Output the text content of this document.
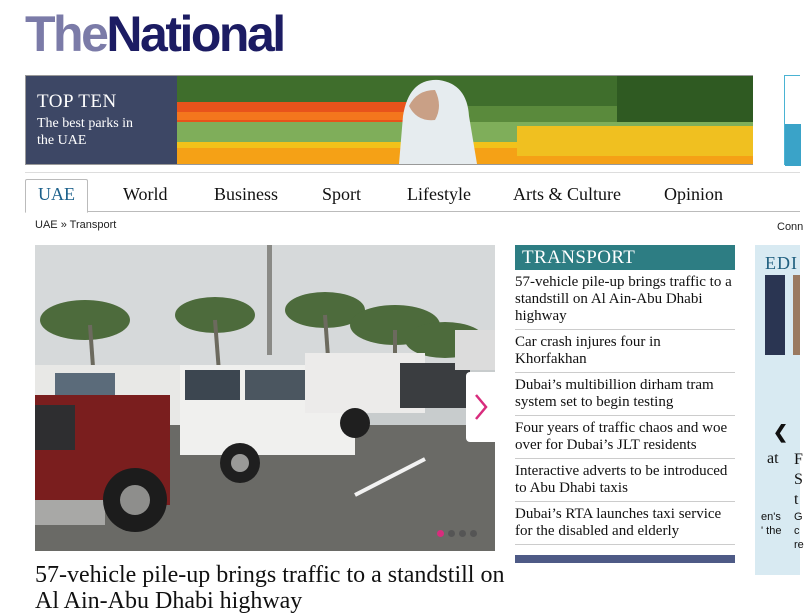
TheNational
TOP TEN
The best parks in
the UAE
UAE	World	Business Sport	Lifestyle Arts & Culture Opinion
UAE » Transport	Conn
57-vehicle pile-up brings traffic to a standstill on Al Ain-Abu Dhabi highway
TRANSPORT
57-vehicle pile-up brings traffic to a standstill on Al Ain-Abu Dhabi highway
Car crash injures four in Khorfakhan
Dubai’s multibillion dirham tram system set to begin testing
Four years of traffic chaos and woe over for Dubai’s JLT residents
Interactive adverts to be introduced to Abu Dhabi taxis
Dubai’s RTA launches taxi service for the disabled and elderly
EDI
❮
at F
S
t
en's
' the
G
c
re
